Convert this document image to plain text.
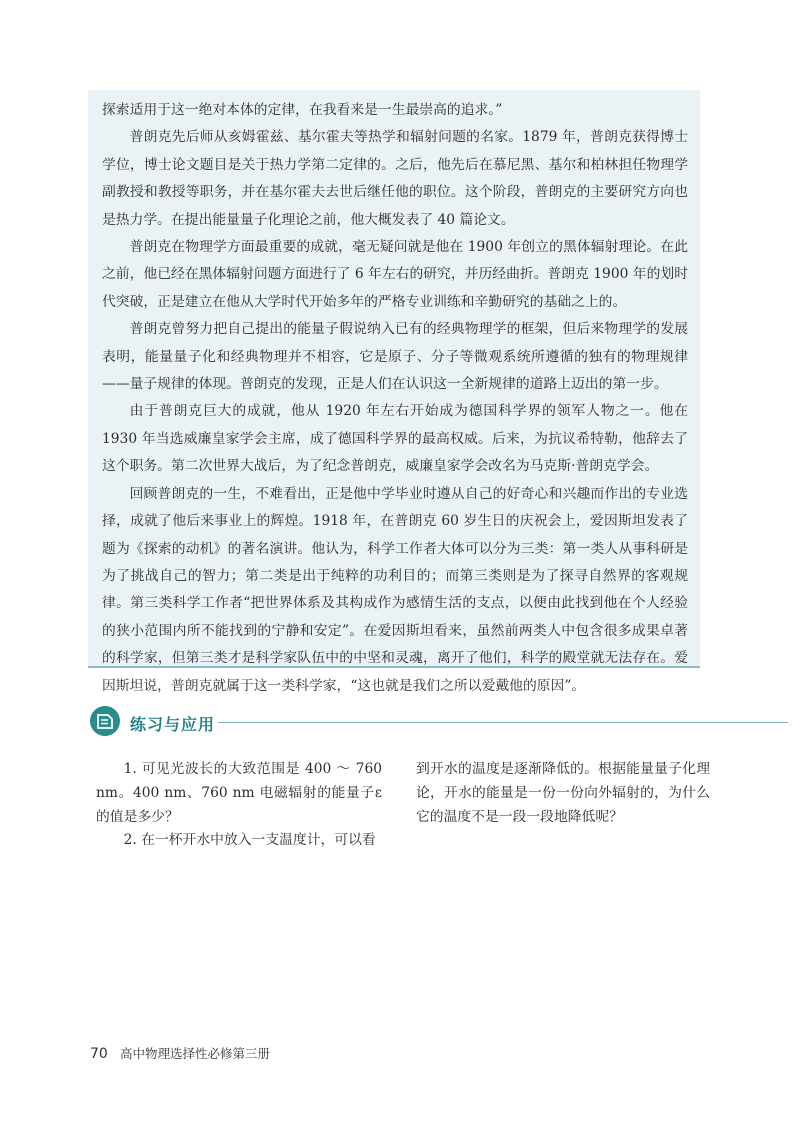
探索适用于这一绝对本体的定律，在我看来是一生最崇高的追求。”

普朗克先后师从亥姆霍兹、基尔霍夫等热学和辐射问题的名家。1879 年，普朗克获得博士学位，博士论文题目是关于热力学第二定律的。之后，他先后在慕尼黑、基尔和柏林担任物理学副教授和教授等职务，并在基尔霍夫去世后继任他的职位。这个阶段，普朗克的主要研究方向也是热力学。在提出能量量子化理论之前，他大概发表了 40 篇论文。

普朗克在物理学方面最重要的成就，毫无疑问就是他在 1900 年创立的黑体辐射理论。在此之前，他已经在黑体辐射问题方面进行了 6 年左右的研究，并历经曲折。普朗克 1900 年的划时代突破，正是建立在他从大学时代开始多年的严格专业训练和辛勤研究的基础之上的。

普朗克曾努力把自己提出的能量子假说纳入已有的经典物理学的框架，但后来物理学的发展表明，能量量子化和经典物理并不相容，它是原子、分子等微观系统所遵循的独有的物理规律——量子规律的体现。普朗克的发现，正是人们在认识这一全新规律的道路上迈出的第一步。

由于普朗克巨大的成就，他从 1920 年左右开始成为德国科学界的领军人物之一。他在 1930 年当选威廉皇家学会主席，成了德国科学界的最高权威。后来，为抗议希特勒，他辞去了这个职务。第二次世界大战后，为了纪念普朗克，威廉皇家学会改名为马克斯·普朗克学会。

回顾普朗克的一生，不难看出，正是他中学毕业时遵从自己的好奇心和兴趣而作出的专业选择，成就了他后来事业上的辉煌。1918 年，在普朗克 60 岁生日的庆祝会上，爱因斯坦发表了题为《探索的动机》的著名演讲。他认为，科学工作者大体可以分为三类：第一类人从事科研是为了挑战自己的智力；第二类是出于纯粹的功利目的；而第三类则是为了探寻自然界的客观规律。第三类科学工作者“把世界体系及其构成作为感情生活的支点，以便由此找到他在个人经验的狭小范围内所不能找到的宁静和安定”。在爱因斯坦看来，虽然前两类人中包含很多成果卓著的科学家，但第三类才是科学家队伍中的中坚和灵魂，离开了他们，科学的殿堂就无法存在。爱因斯坦说，普朗克就属于这一类科学家，“这也就是我们之所以爱戴他的原因”。

练习与应用

1. 可见光波长的大致范围是 400 ～ 760 nm。400 nm、760 nm 电磁辐射的能量子ε的值是多少？

2. 在一杯开水中放入一支温度计，可以看

到开水的温度是逐渐降低的。根据能量量子化理论，开水的能量是一份一份向外辐射的，为什么它的温度不是一段一段地降低呢？

70 高中物理选择性必修第三册
